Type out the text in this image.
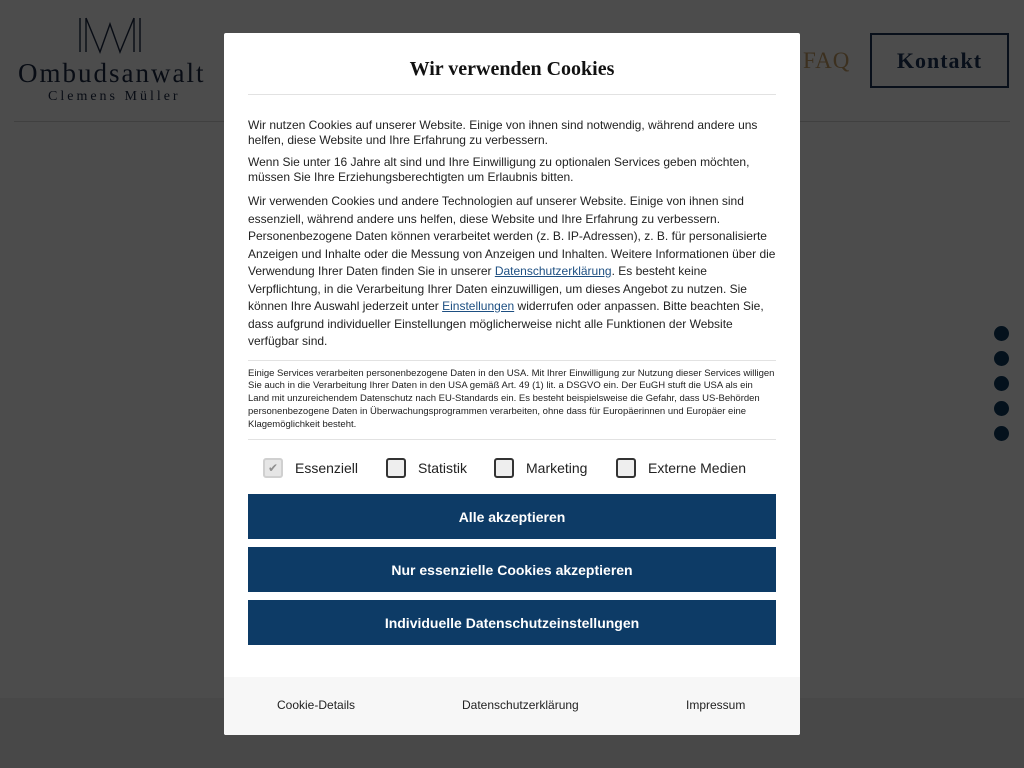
Wir verwenden Cookies

Wir nutzen Cookies auf unserer Website. Einige von ihnen sind notwendig, während andere uns helfen, diese Website und Ihre Erfahrung zu verbessern.

Wenn Sie unter 16 Jahre alt sind und Ihre Einwilligung zu optionalen Services geben möchten, müssen Sie Ihre Erziehungsberechtigten um Erlaubnis bitten.

Wir verwenden Cookies und andere Technologien auf unserer Website. Einige von ihnen sind essenziell, während andere uns helfen, diese Website und Ihre Erfahrung zu verbessern. Personenbezogene Daten können verarbeitet werden (z. B. IP-Adressen), z. B. für personalisierte Anzeigen und Inhalte oder die Messung von Anzeigen und Inhalten. Weitere Informationen über die Verwendung Ihrer Daten finden Sie in unserer Datenschutzerklärung. Es besteht keine Verpflichtung, in die Verarbeitung Ihrer Daten einzuwilligen, um dieses Angebot zu nutzen. Sie können Ihre Auswahl jederzeit unter Einstellungen widerrufen oder anpassen. Bitte beachten Sie, dass aufgrund individueller Einstellungen möglicherweise nicht alle Funktionen der Website verfügbar sind.

Einige Services verarbeiten personenbezogene Daten in den USA. Mit Ihrer Einwilligung zur Nutzung dieser Services willigen Sie auch in die Verarbeitung Ihrer Daten in den USA gemäß Art. 49 (1) lit. a DSGVO ein. Der EuGH stuft die USA als ein Land mit unzureichendem Datenschutz nach EU-Standards ein. Es besteht beispielsweise die Gefahr, dass US-Behörden personenbezogene Daten in Überwachungsprogrammen verarbeiten, ohne dass für Europäerinnen und Europäer eine Klagemöglichkeit besteht.

✔	Essenziell	Statistik	Marketing	Externe Medien
Alle akzeptieren
Nur essenzielle Cookies akzeptieren
Individuelle Datenschutzeinstellungen
Cookie-Details	Datenschutzerklärung	Impressum
